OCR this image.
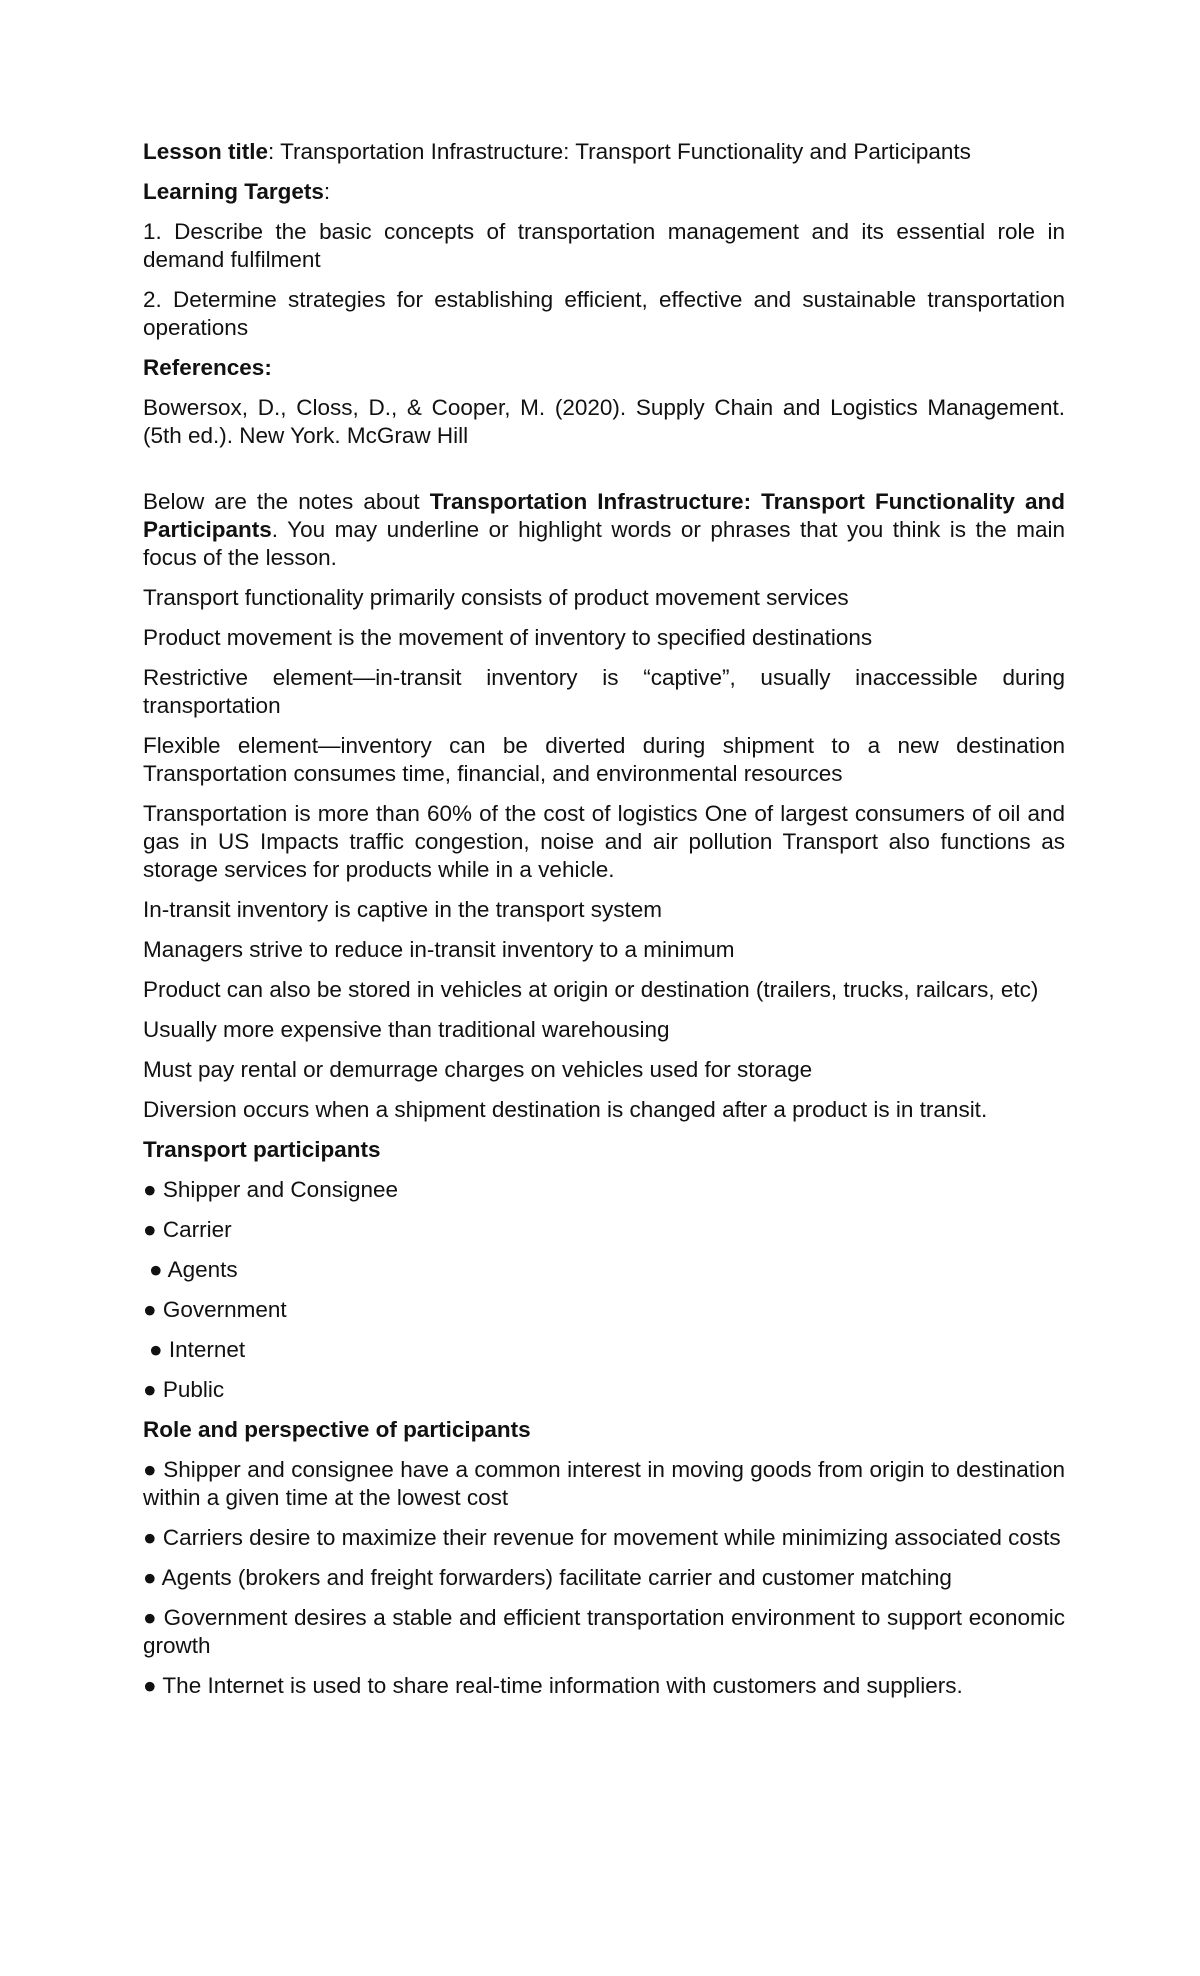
Lesson title: Transportation Infrastructure: Transport Functionality and Participants

Learning Targets:

1. Describe the basic concepts of transportation management and its essential role in demand fulfilment

2. Determine strategies for establishing efficient, effective and sustainable transportation operations

References:

Bowersox, D., Closs, D., & Cooper, M. (2020). Supply Chain and Logistics Management. (5th ed.). New York. McGraw Hill

Below are the notes about Transportation Infrastructure: Transport Functionality and Participants. You may underline or highlight words or phrases that you think is the main focus of the lesson.

Transport functionality primarily consists of product movement services

Product movement is the movement of inventory to specified destinations

Restrictive element—in-transit inventory is “captive”, usually inaccessible during transportation

Flexible element—inventory can be diverted during shipment to a new destination Transportation consumes time, financial, and environmental resources

Transportation is more than 60% of the cost of logistics One of largest consumers of oil and gas in US Impacts traffic congestion, noise and air pollution Transport also functions as storage services for products while in a vehicle.

In-transit inventory is captive in the transport system

Managers strive to reduce in-transit inventory to a minimum

Product can also be stored in vehicles at origin or destination (trailers, trucks, railcars, etc)

Usually more expensive than traditional warehousing

Must pay rental or demurrage charges on vehicles used for storage

Diversion occurs when a shipment destination is changed after a product is in transit.

Transport participants

● Shipper and Consignee

● Carrier

● Agents

● Government

● Internet

● Public

Role and perspective of participants

● Shipper and consignee have a common interest in moving goods from origin to destination within a given time at the lowest cost

● Carriers desire to maximize their revenue for movement while minimizing associated costs

● Agents (brokers and freight forwarders) facilitate carrier and customer matching

● Government desires a stable and efficient transportation environment to support economic growth

● The Internet is used to share real-time information with customers and suppliers.
